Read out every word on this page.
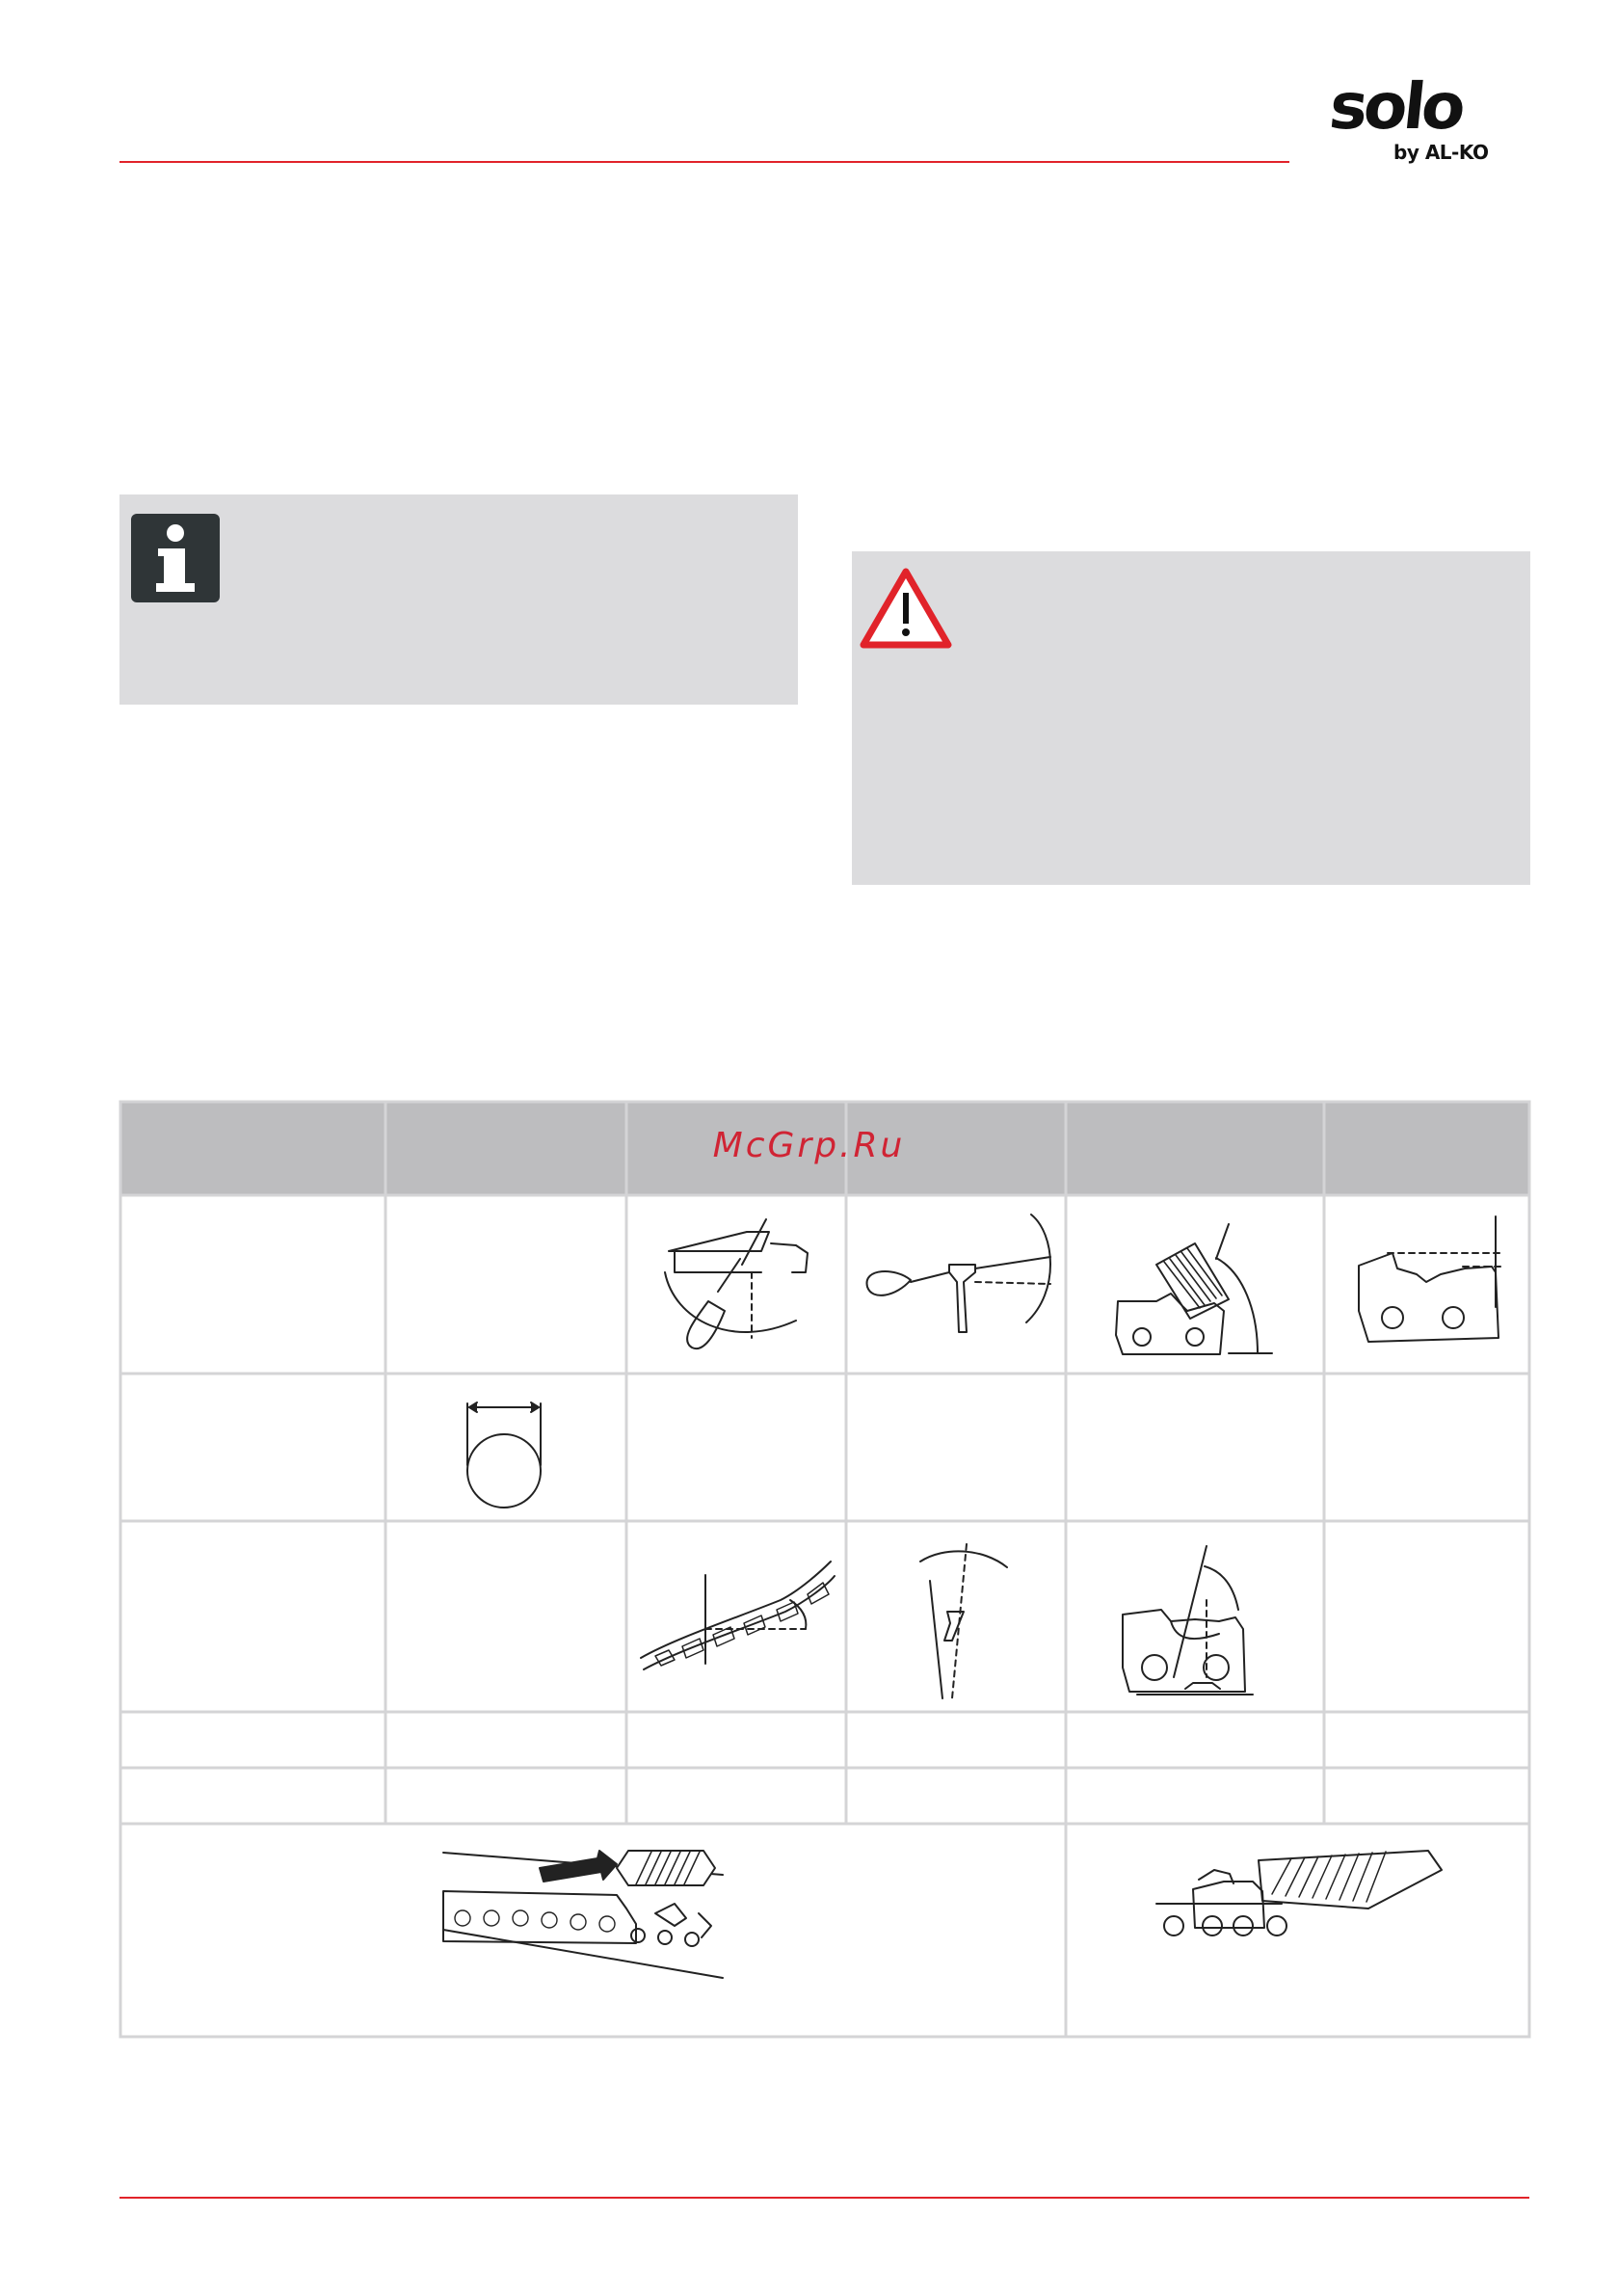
solo
by AL-KO
McGrp.Ru
